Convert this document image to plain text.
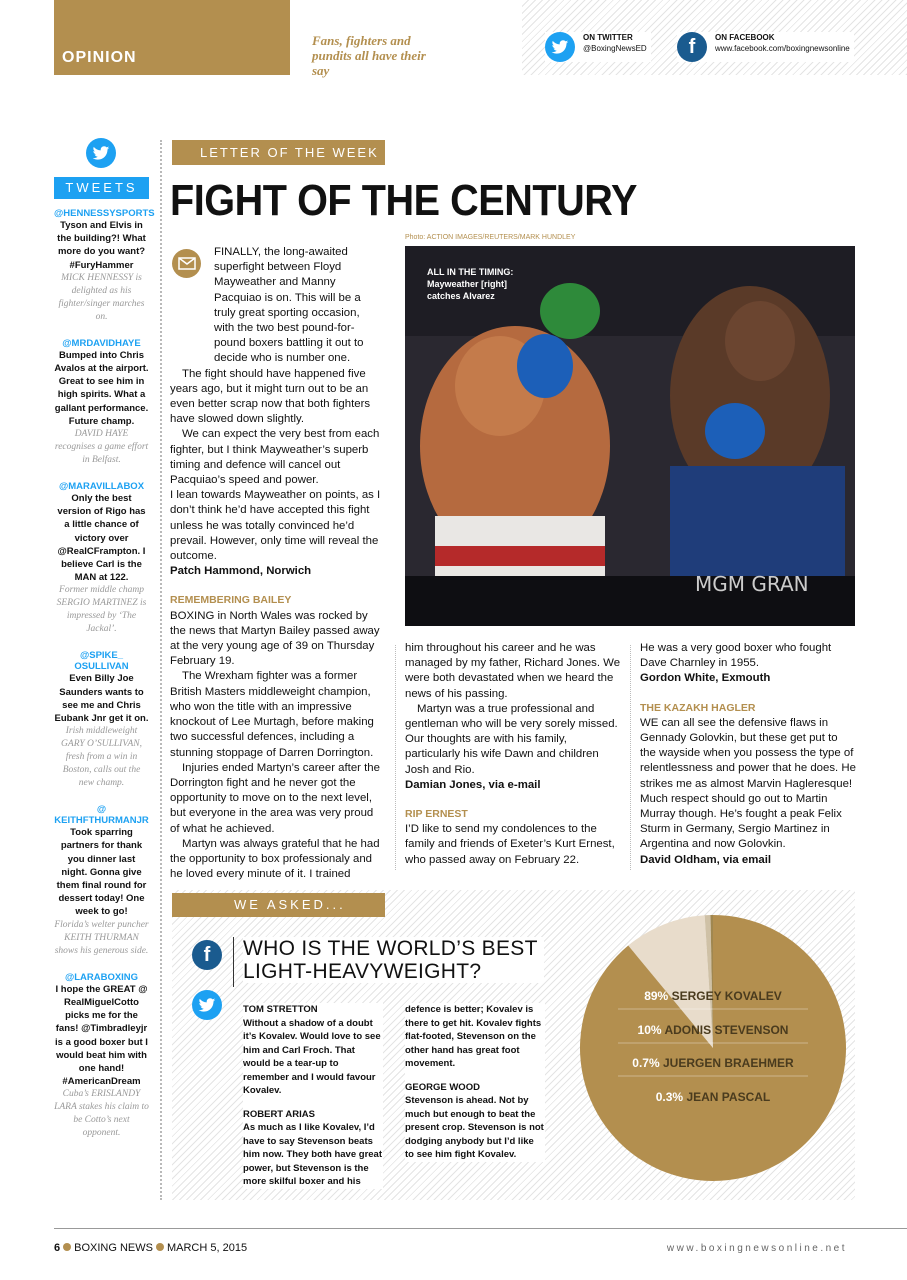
OPINION
Fans, fighters and pundits all have their say
ON TWITTER
@BoxingNewsED	f	ON FACEBOOK
www.facebook.com/boxingnewsonline
TWEETS
@HENNESSYSPORTS
Tyson and Elvis in the building?! What more do you want? #FuryHammer
MICK HENNESSY is delighted as his fighter/singer marches on.
@MRDAVIDHAYE
Bumped into Chris Avalos at the airport. Great to see him in high spirits. What a gallant performance. Future champ.
DAVID HAYE recognises a game effort in Belfast.
@MARAVILLABOX
Only the best version of Rigo has a little chance of victory over @RealCFrampton. I believe Carl is the MAN at 122.
Former middle champ SERGIO MARTINEZ is impressed by ‘The Jackal’.
@SPIKE_ OSULLIVAN
Even Billy Joe Saunders wants to see me and Chris Eubank Jnr get it on.
Irish middleweight GARY O’SULLIVAN, fresh from a win in Boston, calls out the new champ.
@ KEITHFTHURMANJR
Took sparring partners for thank you dinner last night. Gonna give them final round for dessert today! One week to go!
Florida’s welter puncher KEITH THURMAN shows his generous side.
@LARABOXING
I hope the GREAT @ RealMiguelCotto picks me for the fans! @Timbradleyjr is a good boxer but I would beat him with one hand! #AmericanDream
Cuba’s ERISLANDY LARA stakes his claim to be Cotto’s next opponent.
LETTER OF THE WEEK
FIGHT OF THE CENTURY
Photo: ACTION IMAGES/REUTERS/MARK HUNDLEY

FINALLY, the long-awaited superfight between Floyd Mayweather and Manny Pacquiao is on. This will be a truly great sporting occasion, with the two best pound-for-pound boxers battling it out to decide who is number one.

The fight should have happened five years ago, but it might turn out to be an even better scrap now that both fighters have slowed down slightly.

We can expect the very best from each fighter, but I think Mayweather’s superb timing and defence will cancel out Pacquiao’s speed and power.

I lean towards Mayweather on points, as I don’t think he’d have accepted this fight unless he was totally convinced he’d prevail. However, only time will reveal the outcome.

Patch Hammond, Norwich
REMEMBERING BAILEY

BOXING in North Wales was rocked by the news that Martyn Bailey passed away at the very young age of 39 on Thursday February 19.

The Wrexham fighter was a former British Masters middleweight champion, who won the title with an impressive knockout of Lee Murtagh, before making two successful defences, including a stunning stoppage of Darren Dorrington.

Injuries ended Martyn’s career after the Dorrington fight and he never got the opportunity to move on to the next level, but everyone in the area was very proud of what he achieved.

Martyn was always grateful that he had the opportunity to box professionaly and he loved every minute of it. I trained

MGM GRAN
ALL IN THE TIMING:
Mayweather [right]
catches Alvarez

him throughout his career and he was managed by my father, Richard Jones. We were both devastated when we heard the news of his passing.

Martyn was a true professional and gentleman who will be very sorely missed. Our thoughts are with his family, particularly his wife Dawn and children Josh and Rio.

Damian Jones, via e-mail
RIP ERNEST

I’D like to send my condolences to the family and friends of Exeter’s Kurt Ernest, who passed away on February 22.

He was a very good boxer who fought Dave Charnley in 1955.

Gordon White, Exmouth
THE KAZAKH HAGLER

WE can all see the defensive flaws in Gennady Golovkin, but these get put to the wayside when you possess the type of relentlessness and power that he does. He strikes me as almost Marvin Hagleresque! Much respect should go out to Martin Murray though. He’s fought a peak Felix Sturm in Germany, Sergio Martinez in Argentina and now Golovkin.

David Oldham, via email
WE ASKED...
f	WHO IS THE WORLD’S BEST
LIGHT-HEAVYWEIGHT?
TOM STRETTON
Without a shadow of a doubt it’s Kovalev. Would love to see him and Carl Froch. That would be a tear-up to remember and I would favour Kovalev.
ROBERT ARIAS
As much as I like Kovalev, I’d have to say Stevenson beats him now. They both have great power, but Stevenson is the more skilful boxer and his
defence is better; Kovalev is there to get hit. Kovalev fights flat-footed, Stevenson on the other hand has great foot movement.
GEORGE WOOD
Stevenson is ahead. Not by much but enough to beat the present crop. Stevenson is not dodging anybody but I’d like to see him fight Kovalev.
89% SERGEY KOVALEV
10% ADONIS STEVENSON
0.7% JUERGEN BRAEHMER
0.3% JEAN PASCAL
6 BOXING NEWS MARCH 5, 2015	www.boxingnewsonline.net
